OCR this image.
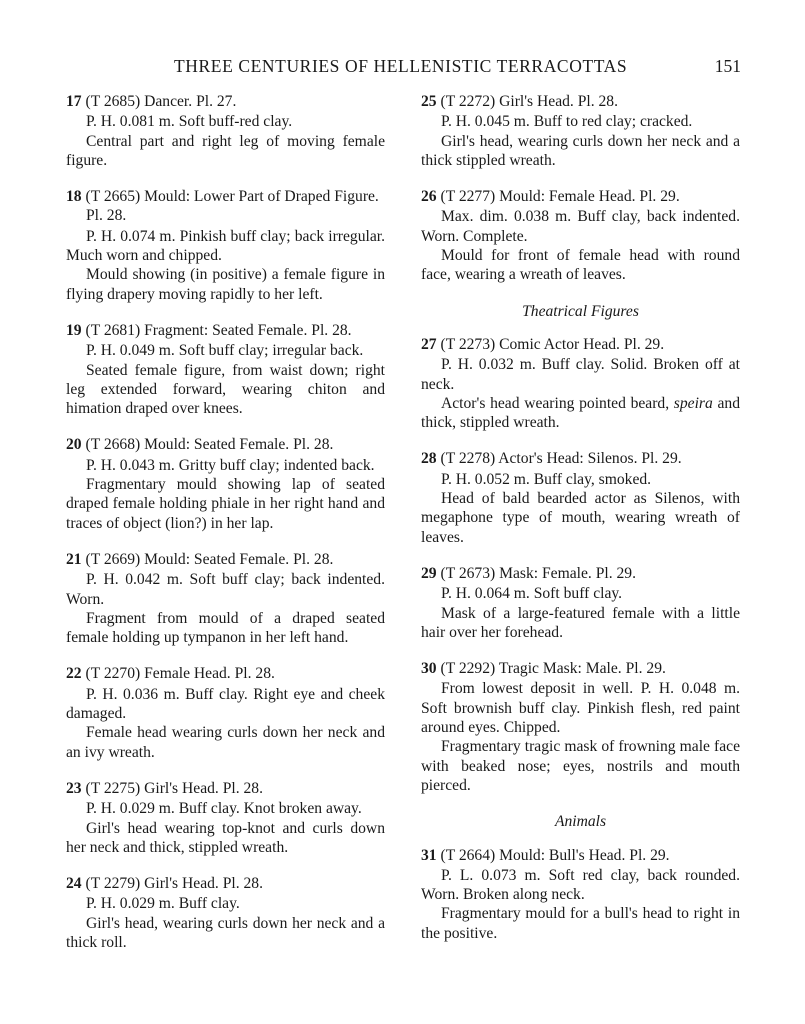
THREE CENTURIES OF HELLENISTIC TERRACOTTAS	151
17 (T 2685) Dancer. Pl. 27.

P. H. 0.081 m. Soft buff-red clay.

Central part and right leg of moving female figure.

18 (T 2665) Mould: Lower Part of Draped Figure. Pl. 28.

P. H. 0.074 m. Pinkish buff clay; back irregular. Much worn and chipped.

Mould showing (in positive) a female figure in flying drapery moving rapidly to her left.

19 (T 2681) Fragment: Seated Female. Pl. 28.

P. H. 0.049 m. Soft buff clay; irregular back.

Seated female figure, from waist down; right leg extended forward, wearing chiton and himation draped over knees.

20 (T 2668) Mould: Seated Female. Pl. 28.

P. H. 0.043 m. Gritty buff clay; indented back.

Fragmentary mould showing lap of seated draped female holding phiale in her right hand and traces of object (lion?) in her lap.

21 (T 2669) Mould: Seated Female. Pl. 28.

P. H. 0.042 m. Soft buff clay; back indented. Worn.

Fragment from mould of a draped seated female holding up tympanon in her left hand.

22 (T 2270) Female Head. Pl. 28.

P. H. 0.036 m. Buff clay. Right eye and cheek damaged.

Female head wearing curls down her neck and an ivy wreath.

23 (T 2275) Girl's Head. Pl. 28.

P. H. 0.029 m. Buff clay. Knot broken away.

Girl's head wearing top-knot and curls down her neck and thick, stippled wreath.

24 (T 2279) Girl's Head. Pl. 28.

P. H. 0.029 m. Buff clay.

Girl's head, wearing curls down her neck and a thick roll.

25 (T 2272) Girl's Head. Pl. 28.

P. H. 0.045 m. Buff to red clay; cracked.

Girl's head, wearing curls down her neck and a thick stippled wreath.

26 (T 2277) Mould: Female Head. Pl. 29.

Max. dim. 0.038 m. Buff clay, back indented. Worn. Complete.

Mould for front of female head with round face, wearing a wreath of leaves.

Theatrical Figures
27 (T 2273) Comic Actor Head. Pl. 29.

P. H. 0.032 m. Buff clay. Solid. Broken off at neck.

Actor's head wearing pointed beard, speira and thick, stippled wreath.

28 (T 2278) Actor's Head: Silenos. Pl. 29.

P. H. 0.052 m. Buff clay, smoked.

Head of bald bearded actor as Silenos, with megaphone type of mouth, wearing wreath of leaves.

29 (T 2673) Mask: Female. Pl. 29.

P. H. 0.064 m. Soft buff clay.

Mask of a large-featured female with a little hair over her forehead.

30 (T 2292) Tragic Mask: Male. Pl. 29.

From lowest deposit in well. P. H. 0.048 m. Soft brownish buff clay. Pinkish flesh, red paint around eyes. Chipped.

Fragmentary tragic mask of frowning male face with beaked nose; eyes, nostrils and mouth pierced.

Animals
31 (T 2664) Mould: Bull's Head. Pl. 29.

P. L. 0.073 m. Soft red clay, back rounded. Worn. Broken along neck.

Fragmentary mould for a bull's head to right in the positive.
